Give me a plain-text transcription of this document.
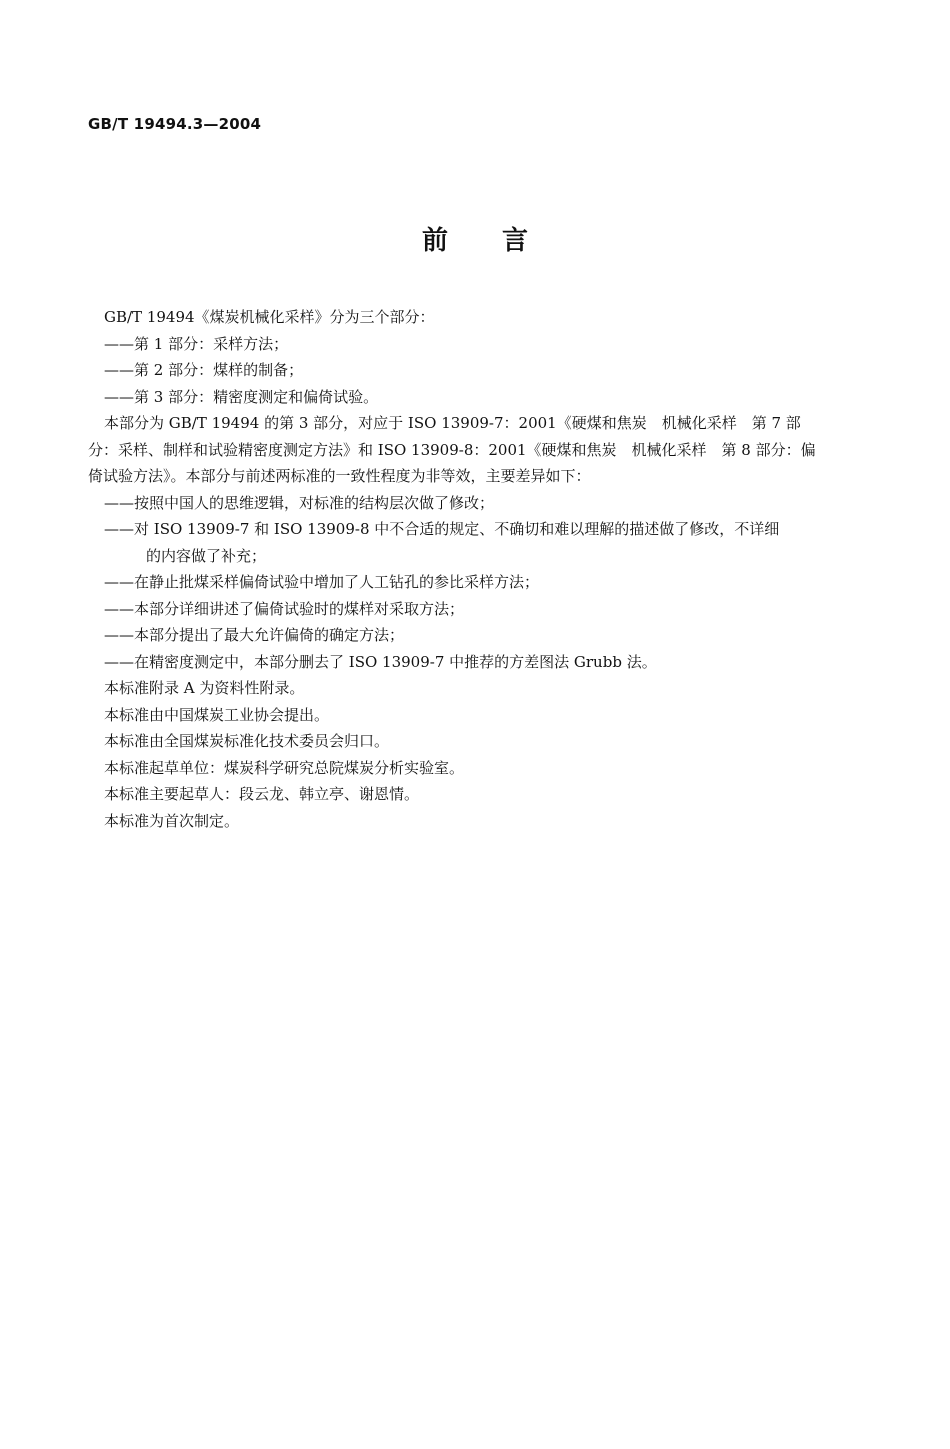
GB/T 19494.3—2004
前言

GB/T 19494《煤炭机械化采样》分为三个部分：

——第 1 部分：采样方法；

——第 2 部分：煤样的制备；

——第 3 部分：精密度测定和偏倚试验。

本部分为 GB/T 19494 的第 3 部分，对应于 ISO 13909-7：2001《硬煤和焦炭　机械化采样　第 7 部

分：采样、制样和试验精密度测定方法》和 ISO 13909-8：2001《硬煤和焦炭　机械化采样　第 8 部分：偏

倚试验方法》。本部分与前述两标准的一致性程度为非等效，主要差异如下：

——按照中国人的思维逻辑，对标准的结构层次做了修改；

——对 ISO 13909-7 和 ISO 13909-8 中不合适的规定、不确切和难以理解的描述做了修改，不详细

的内容做了补充；

——在静止批煤采样偏倚试验中增加了人工钻孔的参比采样方法；

——本部分详细讲述了偏倚试验时的煤样对采取方法；

——本部分提出了最大允许偏倚的确定方法；

——在精密度测定中，本部分删去了 ISO 13909-7 中推荐的方差图法 Grubb 法。

本标准附录 A 为资料性附录。

本标准由中国煤炭工业协会提出。

本标准由全国煤炭标准化技术委员会归口。

本标准起草单位：煤炭科学研究总院煤炭分析实验室。

本标准主要起草人：段云龙、韩立亭、谢恩情。

本标准为首次制定。
